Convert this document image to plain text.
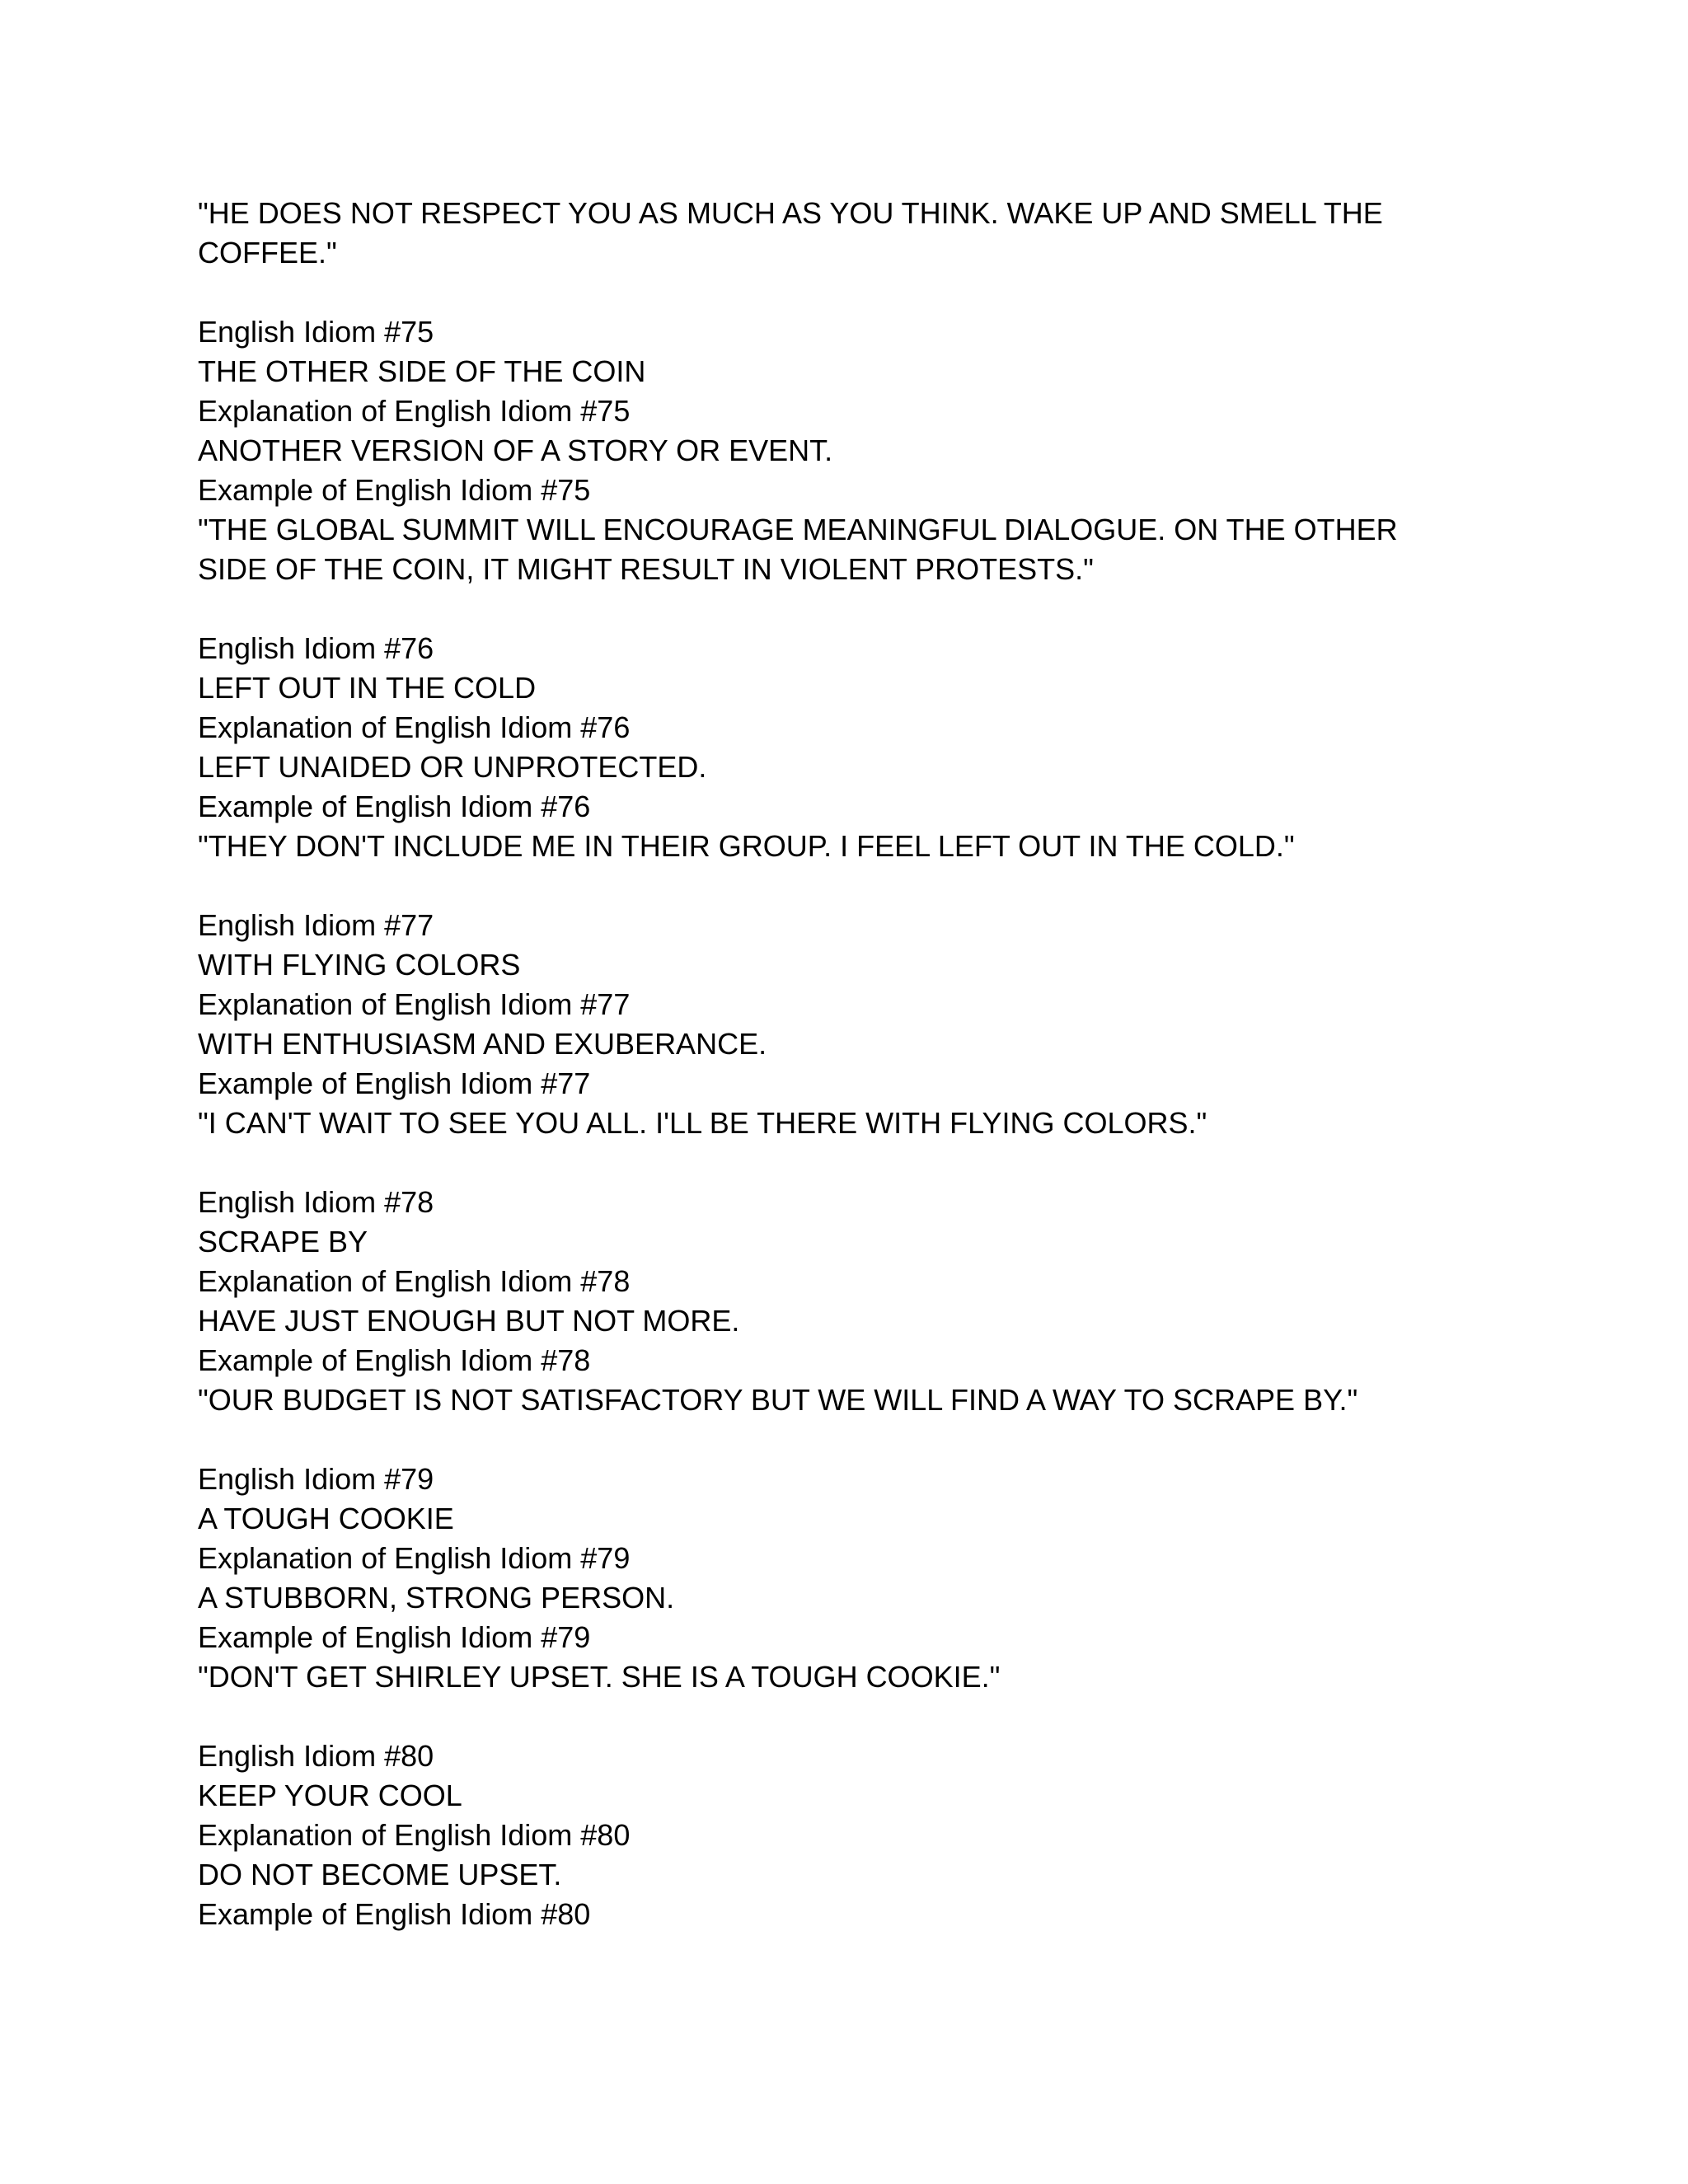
"HE DOES NOT RESPECT YOU AS MUCH AS YOU THINK. WAKE UP AND SMELL THE
COFFEE."
English Idiom #75
THE OTHER SIDE OF THE COIN
Explanation of English Idiom #75
ANOTHER VERSION OF A STORY OR EVENT.
Example of English Idiom #75
"THE GLOBAL SUMMIT WILL ENCOURAGE MEANINGFUL DIALOGUE. ON THE OTHER
SIDE OF THE COIN, IT MIGHT RESULT IN VIOLENT PROTESTS."
English Idiom #76
LEFT OUT IN THE COLD
Explanation of English Idiom #76
LEFT UNAIDED OR UNPROTECTED.
Example of English Idiom #76
"THEY DON'T INCLUDE ME IN THEIR GROUP. I FEEL LEFT OUT IN THE COLD."
English Idiom #77
WITH FLYING COLORS
Explanation of English Idiom #77
WITH ENTHUSIASM AND EXUBERANCE.
Example of English Idiom #77
"I CAN'T WAIT TO SEE YOU ALL. I'LL BE THERE WITH FLYING COLORS."
English Idiom #78
SCRAPE BY
Explanation of English Idiom #78
HAVE JUST ENOUGH BUT NOT MORE.
Example of English Idiom #78
"OUR BUDGET IS NOT SATISFACTORY BUT WE WILL FIND A WAY TO SCRAPE BY."
English Idiom #79
A TOUGH COOKIE
Explanation of English Idiom #79
A STUBBORN, STRONG PERSON.
Example of English Idiom #79
"DON'T GET SHIRLEY UPSET. SHE IS A TOUGH COOKIE."
English Idiom #80
KEEP YOUR COOL
Explanation of English Idiom #80
DO NOT BECOME UPSET.
Example of English Idiom #80
